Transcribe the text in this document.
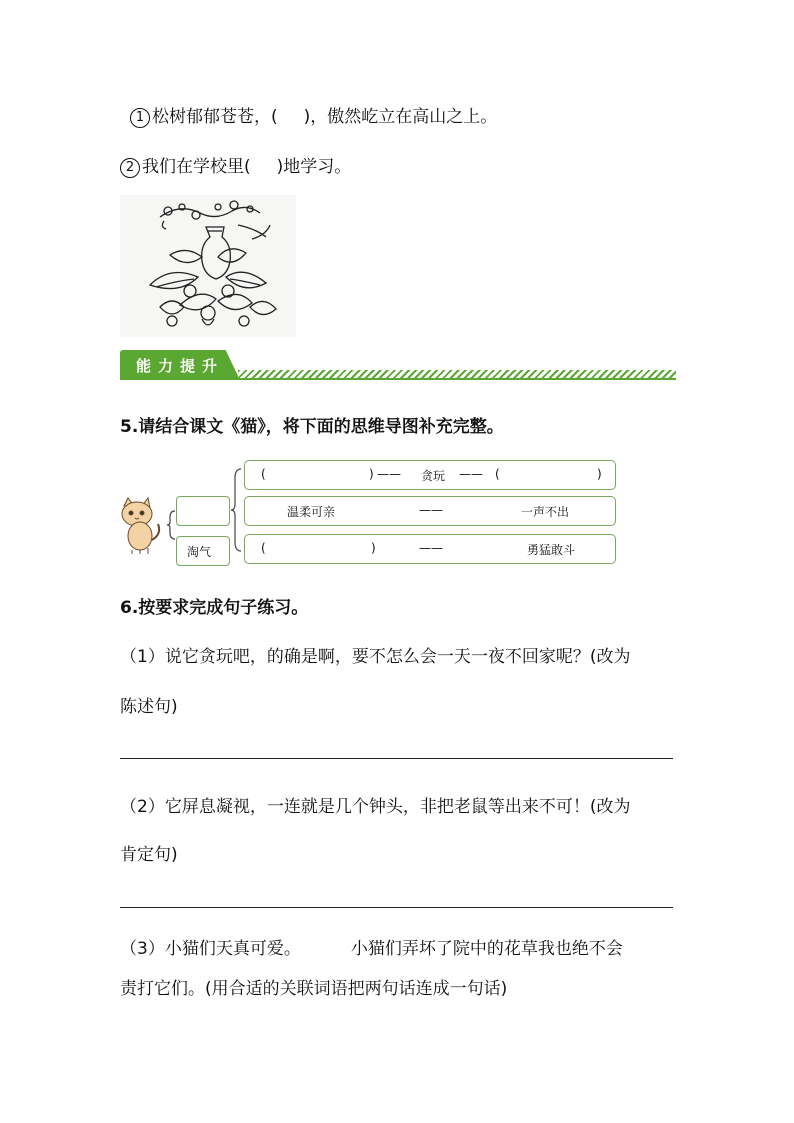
1 松树郁郁苍苍，( )，傲然屹立在高山之上。
2 我们在学校里( )地学习。
能力提升
5.请结合课文《猫》，将下面的思维导图补充完整。
淘气
(	) —— 贪玩 —— (	)
温柔可亲	——	一声不出
(	)	——	勇猛敢斗
6.按要求完成句子练习。
（1）说它贪玩吧，的确是啊，要不怎么会一天一夜不回家呢？(改为
陈述句)
（2）它屏息凝视，一连就是几个钟头，非把老鼠等出来不可！(改为
肯定句)
（3）小猫们天真可爱。	小猫们弄坏了院中的花草我也绝不会
责打它们。(用合适的关联词语把两句话连成一句话)
